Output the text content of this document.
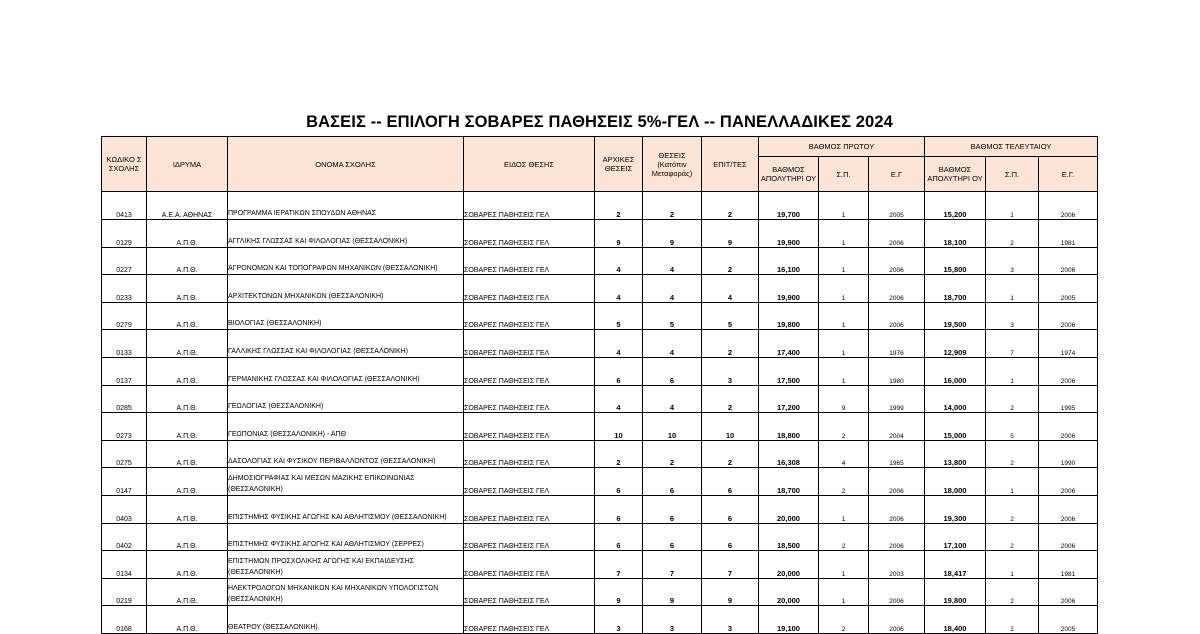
ΒΑΣΕΙΣ -- ΕΠΙΛΟΓΗ ΣΟΒΑΡΕΣ ΠΑΘΗΣΕΙΣ 5%-ΓΕΛ -- ΠΑΝΕΛΛΑΔΙΚΕΣ 2024
ΚΩΔΙΚΟ Σ ΣΧΟΛΗΣ	ΙΔΡΥΜΑ	ΟΝΟΜΑ ΣΧΟΛΗΣ	ΕΙΔΟΣ ΘΕΣΗΣ	ΑΡΧΙΚΕΣ ΘΕΣΕΙΣ	ΘΕΣΕΙΣ (Κατόπιν Μεταφοράς)	ΕΠΙΤ/ΤΕΣ	ΒΑΘΜΟΣ ΠΡΩΤΟΥ			ΒΑΘΜΟΣ ΤΕΛΕΥΤΑΙΟΥ		
							ΒΑΘΜΟΣ ΑΠΟΛΥΤΗΡΙ ΟΥ	Σ.Π.	Ε.Γ	ΒΑΘΜΟΣ ΑΠΟΛΥΤΗΡΙ ΟΥ	Σ.Π.	Ε.Γ.
0413	Α.Ε.Α. ΑΘΗΝΑΣ	ΠΡΟΓΡΑΜΜΑ ΙΕΡΑΤΙΚΩΝ ΣΠΟΥΔΩΝ ΑΘΗΝΑΣ	ΣΟΒΑΡΕΣ ΠΑΘΗΣΕΙΣ ΓΕΛ	2	2	2	19,700	1	2005	15,200	1	2006
0129	Α.Π.Θ.	ΑΓΓΛΙΚΗΣ ΓΛΩΣΣΑΣ ΚΑΙ ΦΙΛΟΛΟΓΙΑΣ (ΘΕΣΣΑΛΟΝΙΚΗ)	ΣΟΒΑΡΕΣ ΠΑΘΗΣΕΙΣ ΓΕΛ	9	9	9	19,900	1	2006	18,100	2	1981
0227	Α.Π.Θ.	ΑΓΡΟΝΟΜΩΝ ΚΑΙ ΤΟΠΟΓΡΑΦΩΝ ΜΗΧΑΝΙΚΩΝ (ΘΕΣΣΑΛΟΝΙΚΗ)	ΣΟΒΑΡΕΣ ΠΑΘΗΣΕΙΣ ΓΕΛ	4	4	2	16,100	1	2006	15,800	3	2006
0233	Α.Π.Θ.	ΑΡΧΙΤΕΚΤΟΝΩΝ ΜΗΧΑΝΙΚΩΝ (ΘΕΣΣΑΛΟΝΙΚΗ)	ΣΟΒΑΡΕΣ ΠΑΘΗΣΕΙΣ ΓΕΛ	4	4	4	19,900	1	2006	18,700	1	2005
0279	Α.Π.Θ.	ΒΙΟΛΟΓΙΑΣ (ΘΕΣΣΑΛΟΝΙΚΗ)	ΣΟΒΑΡΕΣ ΠΑΘΗΣΕΙΣ ΓΕΛ	5	5	5	19,800	1	2006	19,500	3	2006
0133	Α.Π.Θ.	ΓΑΛΛΙΚΗΣ ΓΛΩΣΣΑΣ ΚΑΙ ΦΙΛΟΛΟΓΙΑΣ (ΘΕΣΣΑΛΟΝΙΚΗ)	ΣΟΒΑΡΕΣ ΠΑΘΗΣΕΙΣ ΓΕΛ	4	4	2	17,400	1	1976	12,909	7	1974
0137	Α.Π.Θ.	ΓΕΡΜΑΝΙΚΗΣ ΓΛΩΣΣΑΣ ΚΑΙ ΦΙΛΟΛΟΓΙΑΣ (ΘΕΣΣΑΛΟΝΙΚΗ)	ΣΟΒΑΡΕΣ ΠΑΘΗΣΕΙΣ ΓΕΛ	6	6	3	17,500	1	1980	16,000	1	2006
0285	Α.Π.Θ.	ΓΕΩΛΟΓΙΑΣ (ΘΕΣΣΑΛΟΝΙΚΗ)	ΣΟΒΑΡΕΣ ΠΑΘΗΣΕΙΣ ΓΕΛ	4	4	2	17,200	9	1999	14,000	2	1995
0273	Α.Π.Θ.	ΓΕΩΠΟΝΙΑΣ (ΘΕΣΣΑΛΟΝΙΚΗ) - ΑΠΘ	ΣΟΒΑΡΕΣ ΠΑΘΗΣΕΙΣ ΓΕΛ	10	10	10	18,800	2	2004	15,000	5	2006
0275	Α.Π.Θ.	ΔΑΣΟΛΟΓΙΑΣ ΚΑΙ ΦΥΣΙΚΟΥ ΠΕΡΙΒΑΛΛΟΝΤΟΣ (ΘΕΣΣΑΛΟΝΙΚΗ)	ΣΟΒΑΡΕΣ ΠΑΘΗΣΕΙΣ ΓΕΛ	2	2	2	16,308	4	1965	13,800	2	1990
0147	Α.Π.Θ.	ΔΗΜΟΣΙΟΓΡΑΦΙΑΣ ΚΑΙ ΜΕΣΩΝ ΜΑΖΙΚΗΣ ΕΠΙΚΟΙΝΩΝΙΑΣ (ΘΕΣΣΑΛΟΝΙΚΗ)	ΣΟΒΑΡΕΣ ΠΑΘΗΣΕΙΣ ΓΕΛ	6	6	6	18,700	2	2006	18,000	1	2006
0403	Α.Π.Θ.	ΕΠΙΣΤΗΜΗΣ ΦΥΣΙΚΗΣ ΑΓΩΓΗΣ ΚΑΙ ΑΘΛΗΤΙΣΜΟΥ (ΘΕΣΣΑΛΟΝΙΚΗ)	ΣΟΒΑΡΕΣ ΠΑΘΗΣΕΙΣ ΓΕΛ	6	6	6	20,000	1	2006	19,300	2	2006
0402	Α.Π.Θ.	ΕΠΙΣΤΗΜΗΣ ΦΥΣΙΚΗΣ ΑΓΩΓΗΣ ΚΑΙ ΑΘΛΗΤΙΣΜΟΥ (ΣΕΡΡΕΣ)	ΣΟΒΑΡΕΣ ΠΑΘΗΣΕΙΣ ΓΕΛ	6	6	6	18,500	2	2006	17,100	2	2006
0134	Α.Π.Θ.	ΕΠΙΣΤΗΜΩΝ ΠΡΟΣΧΟΛΙΚΗΣ ΑΓΩΓΗΣ ΚΑΙ ΕΚΠΑΙΔΕΥΣΗΣ (ΘΕΣΣΑΛΟΝΙΚΗ)	ΣΟΒΑΡΕΣ ΠΑΘΗΣΕΙΣ ΓΕΛ	7	7	7	20,000	1	2003	18,417	1	1981
0219	Α.Π.Θ.	ΗΛΕΚΤΡΟΛΟΓΩΝ ΜΗΧΑΝΙΚΩΝ ΚΑΙ ΜΗΧΑΝΙΚΩΝ ΥΠΟΛΟΓΙΣΤΩΝ (ΘΕΣΣΑΛΟΝΙΚΗ)	ΣΟΒΑΡΕΣ ΠΑΘΗΣΕΙΣ ΓΕΛ	9	9	9	20,000	1	2006	19,800	2	2006
0168	Α.Π.Θ.	ΘΕΑΤΡΟΥ (ΘΕΣΣΑΛΟΝΙΚΗ)	ΣΟΒΑΡΕΣ ΠΑΘΗΣΕΙΣ ΓΕΛ	3	3	3	19,100	2	2006	18,400	2	2005
